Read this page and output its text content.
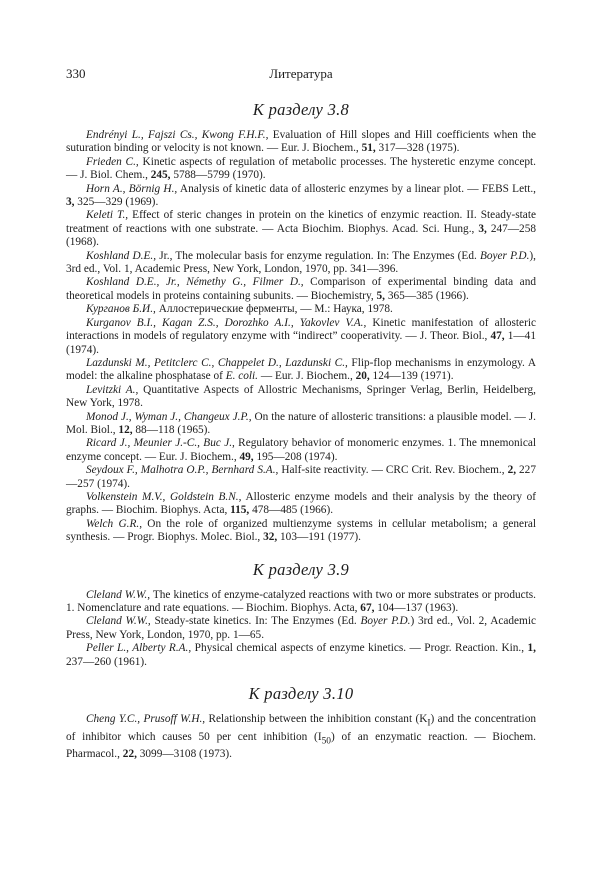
330	Литература
К разделу 3.8

Endrényi L., Fajszi Cs., Kwong F.H.F., Evaluation of Hill slopes and Hill coefficients when the suturation binding or velocity is not known. — Eur. J. Biochem., 51, 317—328 (1975).

Frieden C., Kinetic aspects of regulation of metabolic processes. The hysteretic enzyme concept. — J. Biol. Chem., 245, 5788—5799 (1970).

Horn A., Börnig H., Analysis of kinetic data of allosteric enzymes by a linear plot. — FEBS Lett., 3, 325—329 (1969).

Keleti T., Effect of steric changes in protein on the kinetics of enzymic reaction. II. Steady-state treatment of reactions with one substrate. — Acta Biochim. Biophys. Acad. Sci. Hung., 3, 247—258 (1968).

Koshland D.E., Jr., The molecular basis for enzyme regulation. In: The Enzymes (Ed. Boyer P.D.), 3rd ed., Vol. 1, Academic Press, New York, London, 1970, pp. 341—396.

Koshland D.E., Jr., Némethy G., Filmer D., Comparison of experimental binding data and theoretical models in proteins containing subunits. — Biochemistry, 5, 365—385 (1966).

Курганов Б.И., Аллостерические ферменты, — М.: Наука, 1978.

Kurganov B.I., Kagan Z.S., Dorozhko A.I., Yakovlev V.A., Kinetic manifestation of allosteric interactions in models of regulatory enzyme with “indirect” cooperativity. — J. Theor. Biol., 47, 1—41 (1974).

Lazdunski M., Petitclerc C., Chappelet D., Lazdunski C., Flip-flop mechanisms in enzymology. A model: the alkaline phosphatase of E. coli. — Eur. J. Biochem., 20, 124—139 (1971).

Levitzki A., Quantitative Aspects of Allostric Mechanisms, Springer Verlag, Berlin, Heidelberg, New York, 1978.

Monod J., Wyman J., Changeux J.P., On the nature of allosteric transitions: a plausible model. — J. Mol. Biol., 12, 88—118 (1965).

Ricard J., Meunier J.-C., Buc J., Regulatory behavior of monomeric enzymes. 1. The mnemonical enzyme concept. — Eur. J. Biochem., 49, 195—208 (1974).

Seydoux F., Malhotra O.P., Bernhard S.A., Half-site reactivity. — CRC Crit. Rev. Biochem., 2, 227—257 (1974).

Volkenstein M.V., Goldstein B.N., Allosteric enzyme models and their analysis by the theory of graphs. — Biochim. Biophys. Acta, 115, 478—485 (1966).

Welch G.R., On the role of organized multienzyme systems in cellular metabolism; a general synthesis. — Progr. Biophys. Molec. Biol., 32, 103—191 (1977).

К разделу 3.9

Cleland W.W., The kinetics of enzyme-catalyzed reactions with two or more substrates or products. 1. Nomenclature and rate equations. — Biochim. Biophys. Acta, 67, 104—137 (1963).

Cleland W.W., Steady-state kinetics. In: The Enzymes (Ed. Boyer P.D.) 3rd ed., Vol. 2, Academic Press, New York, London, 1970, pp. 1—65.

Peller L., Alberty R.A., Physical chemical aspects of enzyme kinetics. — Progr. Reaction. Kin., 1, 237—260 (1961).

К разделу 3.10

Cheng Y.C., Prusoff W.H., Relationship between the inhibition constant $(K_I)$ and the concentration of inhibitor which causes 50 per cent inhibition $(I_{50})$ of an enzymatic reaction. — Biochem. Pharmacol., 22, 3099—3108 (1973).
